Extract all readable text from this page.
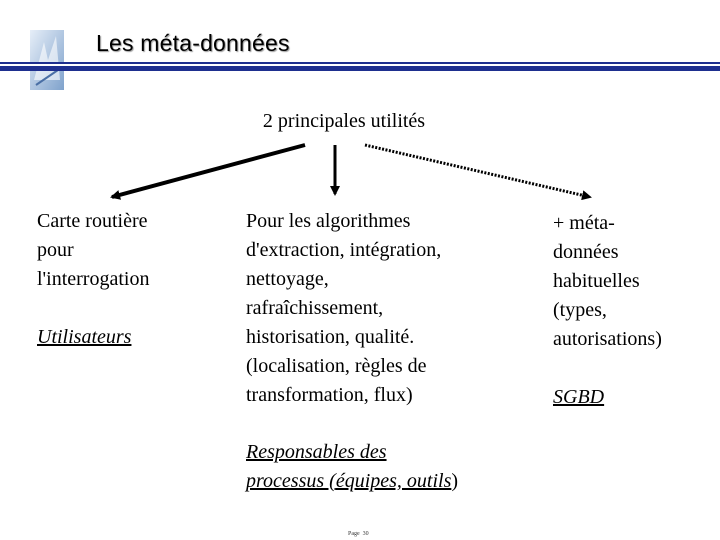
Les méta-données
2 principales utilités
Carte routière
pour
l'interrogation
Utilisateurs
Pour les algorithmes
d'extraction, intégration,
nettoyage,
rafraîchissement,
historisation, qualité.
(localisation, règles de
transformation, flux)
Responsables des
processus (équipes, outils)
+ méta-
données
habituelles
(types,
autorisations)
SGBD
Page 30
